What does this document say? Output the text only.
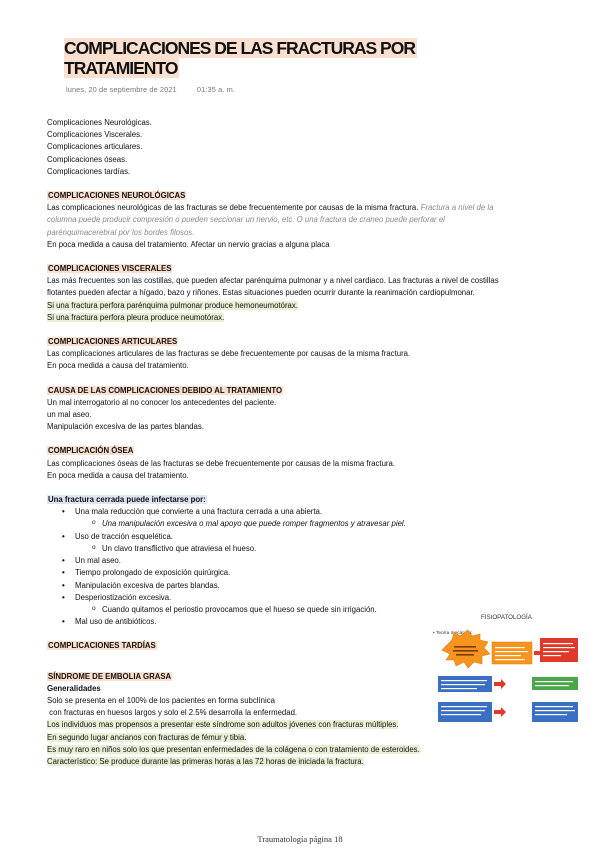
COMPLICACIONES DE LAS FRACTURAS POR
TRATAMIENTO
lunes, 20 de septiembre de 2021	01:35 a. m.

Complicaciones Neurológicas.

Complicaciones Viscerales.

Complicaciones articulares.

Complicaciones óseas.

Complicaciones tardías.

COMPLICACIONES NEUROLÓGICAS

Las complicaciones neurológicas de las fracturas se debe frecuentemente por causas de la misma fractura. Fractura a nivel de la

columna puede producir compresión o pueden seccionar un nervio, etc. O una fractura de craneo puede perforar el

parénquimacerebral por los bordes filosos.

En poca medida a causa del tratamiento. Afectar un nervio gracias a alguna placa

COMPLICACIONES VISCERALES

Las más frecuentes son las costillas, que pueden afectar parénquima pulmonar y a nivel cardiaco. Las fracturas a nivel de costillas

flotantes pueden afectar a hígado, bazo y riñones. Estas situaciones pueden ocurrir durante la reanimación cardiopulmonar.

Si una fractura perfora parénquima pulmonar produce hemoneumotórax.

Si una fractura perfora pleura produce neumotórax.

COMPLICACIONES ARTICULARES

Las complicaciones articulares de las fracturas se debe frecuentemente por causas de la misma fractura.

En poca medida a causa del tratamiento.

CAUSA DE LAS COMPLICACIONES DEBIDO AL TRATAMIENTO

Un mal interrogatorio al no conocer los antecedentes del paciente.

un mal aseo.

Manipulación excesiva de las partes blandas.

COMPLICACIÓN ÓSEA

Las complicaciones óseas de las fracturas se debe frecuentemente por causas de la misma fractura.

En poca medida a causa del tratamiento.

Una fractura cerrada puede infectarse por:

• Una mala reducción que convierte a una fractura cerrada a una abierta.
o Una manipulación excesiva o mal apoyo que puede romper fragmentos y atravesar piel.
• Uso de tracción esquelética.
o Un clavo transflictivo que atraviesa el hueso.
• Un mal aseo.
• Tiempo prolongado de exposición quirúrgica.
• Manipulación excesiva de partes blandas.
• Desperiostización excesiva.
o Cuando quitamos el periostio provocamos que el hueso se quede sin irrigación.
• Mal uso de antibióticos.

COMPLICACIONES TARDÍAS

SÍNDROME DE EMBOLIA GRASA

Generalidades

Solo se presenta en el 100% de los pacientes en forma subclínica

con fracturas en huesos largos y solo el 2.5% desarrolla la enfermedad.

Los individuos mas propensos a presentar este síndrome son adultos jóvenes con fracturas múltiples.

En segundo lugar ancianos con fracturas de fémur y tibia.

Es muy raro en niños solo los que presentan enfermedades de la colágena o con tratamiento de esteroides.

Característico: Se produce durante las primeras horas a las 72 horas de iniciada la fractura.

FISIOPATOLOGÍA
• Teoría mecánica:
Traumatología página 18
